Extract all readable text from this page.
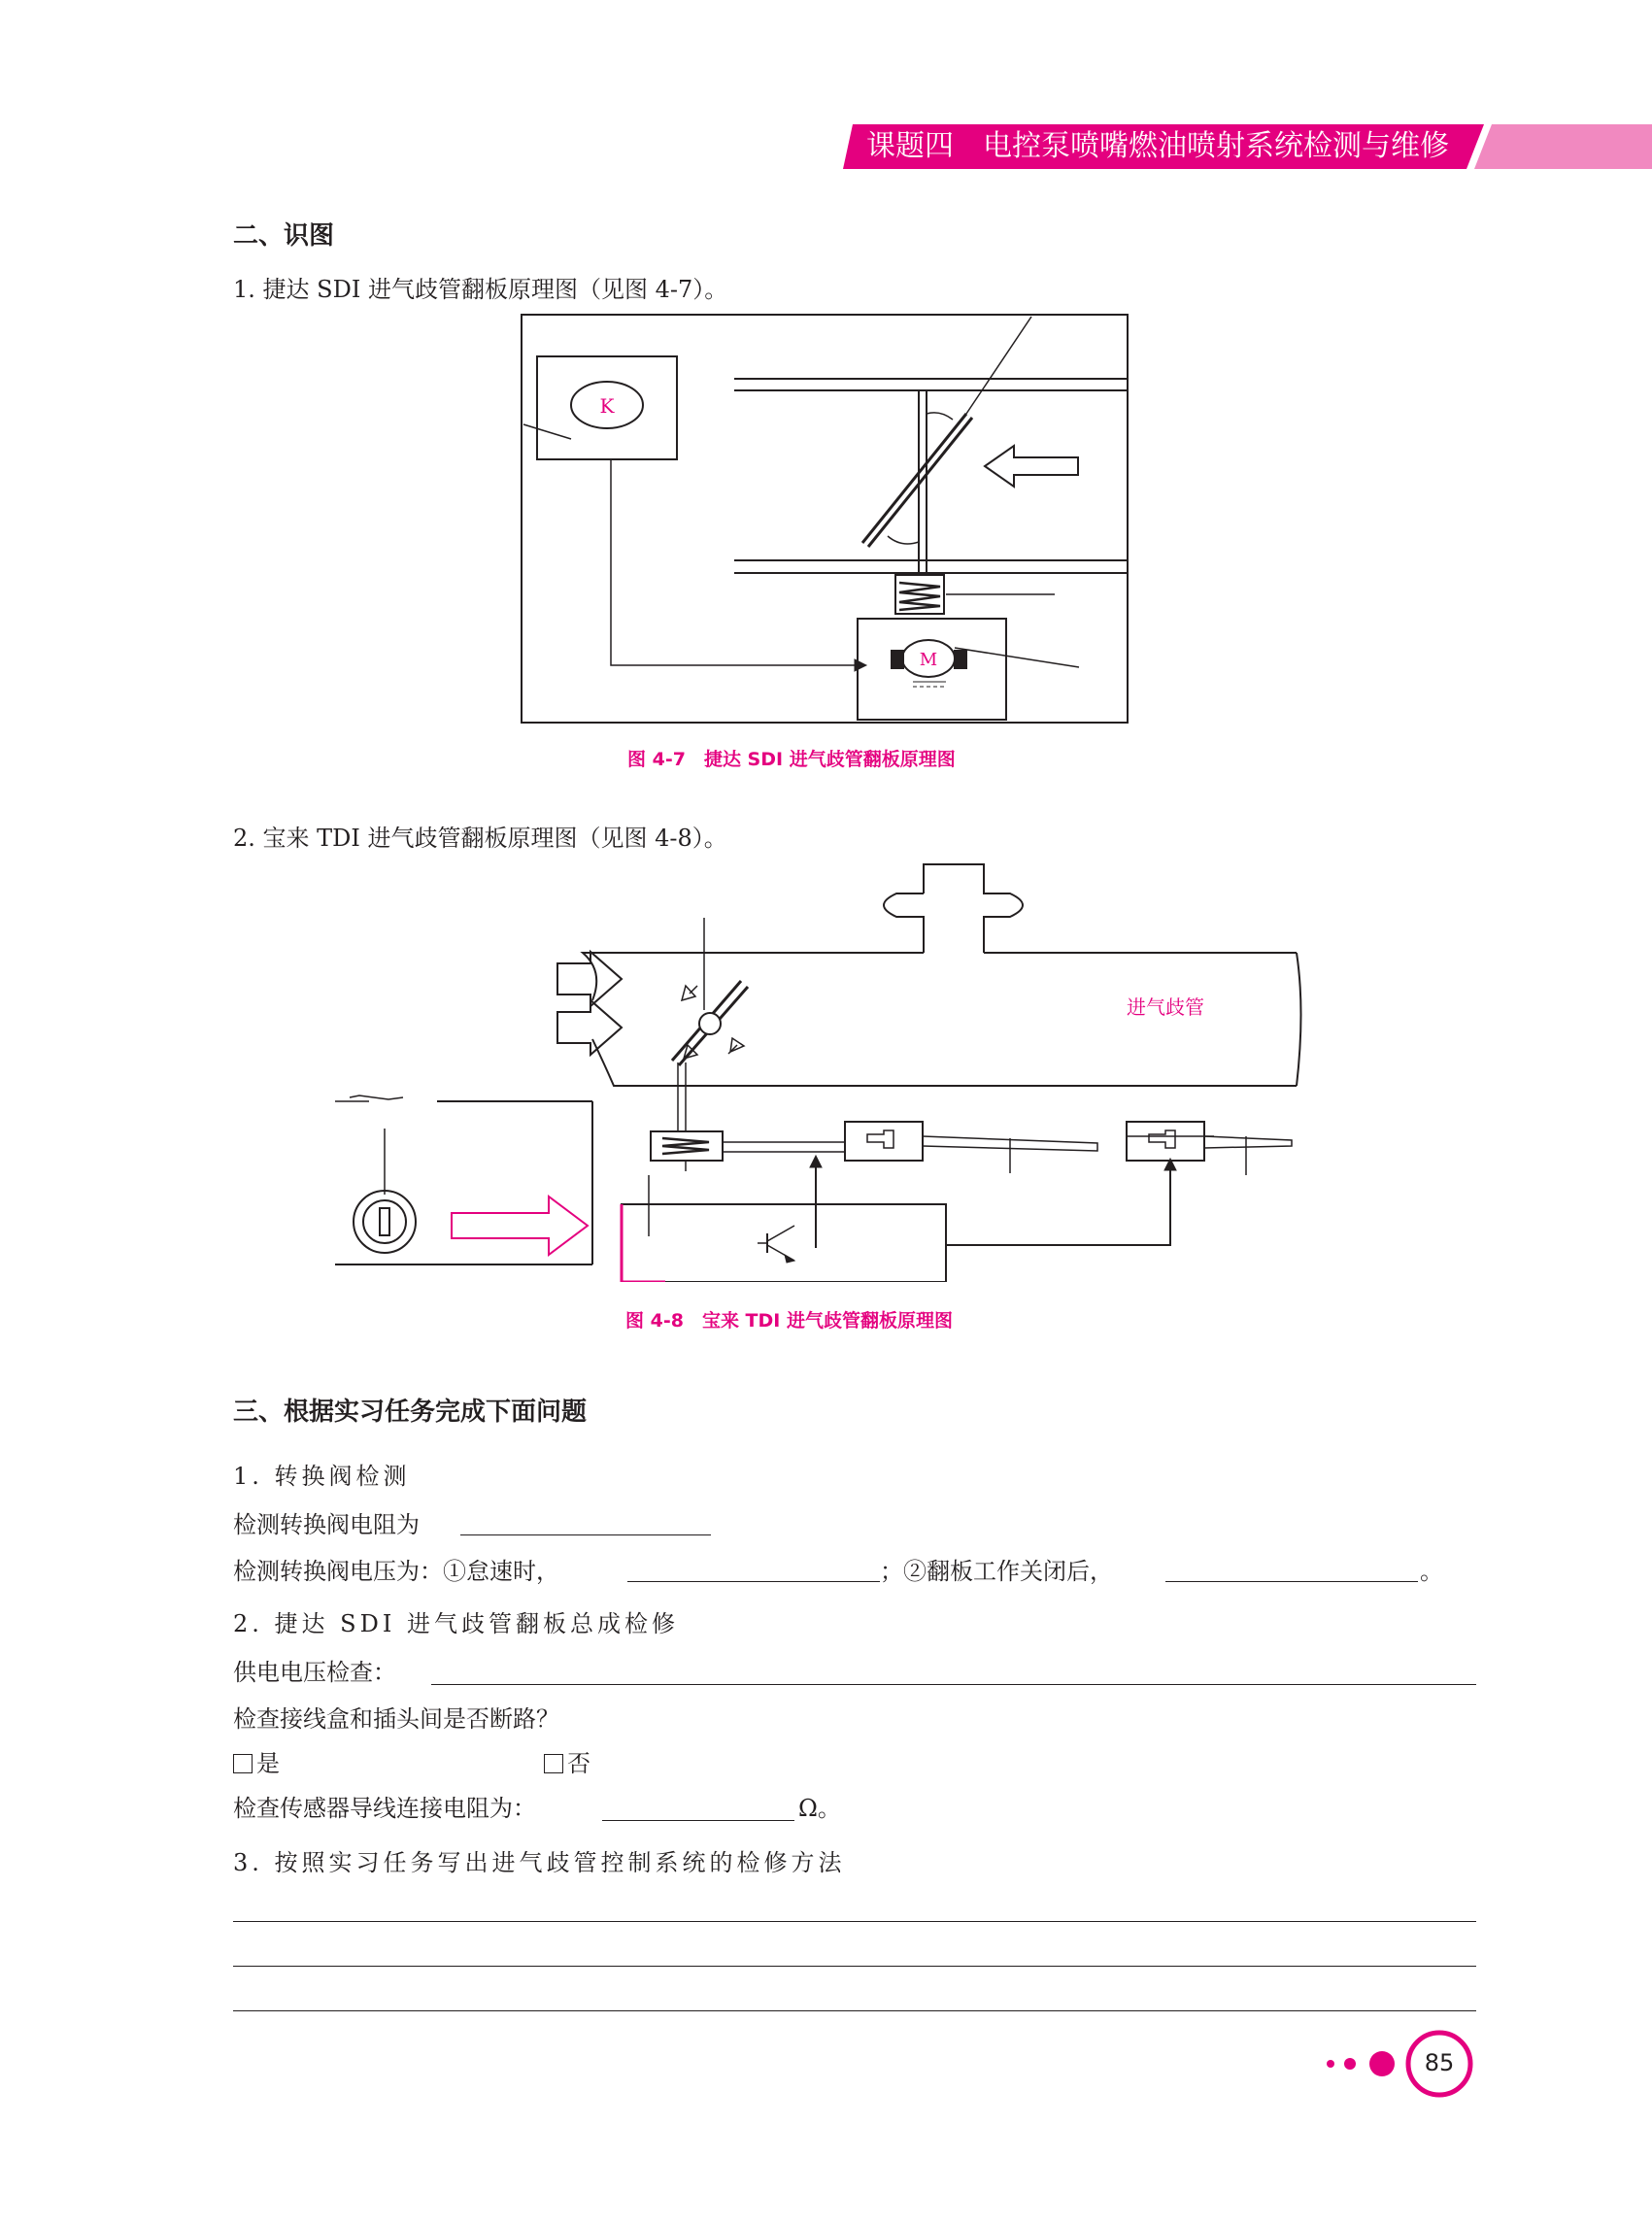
课题四　电控泵喷嘴燃油喷射系统检测与维修
二、识图
1. 捷达 SDI 进气歧管翻板原理图（见图 4-7）。
K
M
图 4-7　捷达 SDI 进气歧管翻板原理图
2. 宝来 TDI 进气歧管翻板原理图（见图 4-8）。
进气歧管
图 4-8　宝来 TDI 进气歧管翻板原理图
三、根据实习任务完成下面问题
1. 转换阀检测
检测转换阀电阻为
检测转换阀电压为：①怠速时，	；②翻板工作关闭后，	。
2. 捷达 SDI 进气歧管翻板总成检修
供电电压检查：
检查接线盒和插头间是否断路？
是	否
检查传感器导线连接电阻为：	Ω。
3. 按照实习任务写出进气歧管控制系统的检修方法
85
